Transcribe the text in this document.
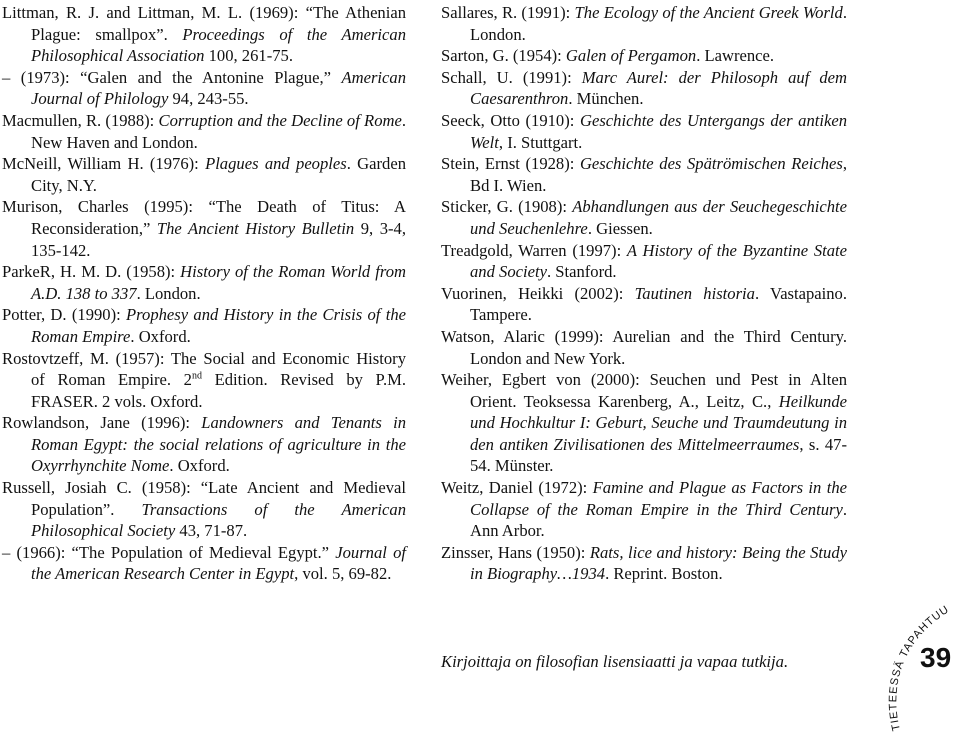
Littman, R. J. and Littman, M. L. (1969): “The Athenian Plague: smallpox”. Proceedings of the American Philosophical Association 100, 261-75.

– (1973): “Galen and the Antonine Plague,” American Journal of Philology 94, 243-55.

Macmullen, R. (1988): Corruption and the Decline of Rome. New Haven and London.

McNeill, William H. (1976): Plagues and peoples. Garden City, N.Y.

Murison, Charles (1995): “The Death of Titus: A Reconsideration,” The Ancient History Bulletin 9, 3-4, 135-142.

ParkeR, H. M. D. (1958): History of the Roman World from A.D. 138 to 337. London.

Potter, D. (1990): Prophesy and History in the Crisis of the Roman Empire. Oxford.

Rostovtzeff, M. (1957): The Social and Economic History of Roman Empire. 2nd Edition. Revised by P.M. FRASER. 2 vols. Oxford.

Rowlandson, Jane (1996): Landowners and Tenants in Roman Egypt: the social relations of agriculture in the Oxyrrhynchite Nome. Oxford.

Russell, Josiah C. (1958): “Late Ancient and Medieval Population”. Transactions of the American Philosophical Society 43, 71-87.

– (1966): “The Population of Medieval Egypt.” Journal of the American Research Center in Egypt, vol. 5, 69-82.

Sallares, R. (1991): The Ecology of the Ancient Greek World. London.

Sarton, G. (1954): Galen of Pergamon. Lawrence.

Schall, U. (1991): Marc Aurel: der Philosoph auf dem Caesarenthron. München.

Seeck, Otto (1910): Geschichte des Untergangs der antiken Welt, I. Stuttgart.

Stein, Ernst (1928): Geschichte des Spätrömischen Reiches, Bd I. Wien.

Sticker, G. (1908): Abhandlungen aus der Seuchegeschichte und Seuchenlehre. Giessen.

Treadgold, Warren (1997): A History of the Byzantine State and Society. Stanford.

Vuorinen, Heikki (2002): Tautinen historia. Vastapaino. Tampere.

Watson, Alaric (1999): Aurelian and the Third Century. London and New York.

Weiher, Egbert von (2000): Seuchen und Pest in Alten Orient. Teoksessa Karenberg, A., Leitz, C., Heilkunde und Hochkultur I: Geburt, Seuche und Traumdeutung in den antiken Zivilisationen des Mittelmeerraumes, s. 47-54. Münster.

Weitz, Daniel (1972): Famine and Plague as Factors in the Collapse of the Roman Empire in the Third Century. Ann Arbor.

Zinsser, Hans (1950): Rats, lice and history: Being the Study in Biography…1934. Reprint. Boston.

Kirjoittaja on filosofian lisensiaatti ja vapaa tutkija.

TIETEESSÄ TAPAHTUU

39
